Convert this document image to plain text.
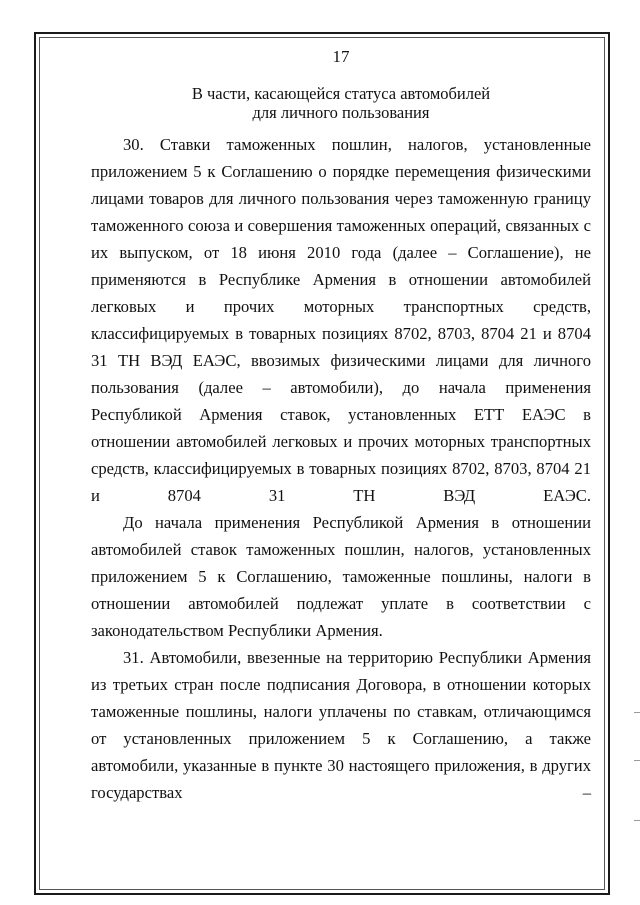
17
В части, касающейся статуса автомобилей
для личного пользования

30. Ставки таможенных пошлин, налогов, установленные приложением 5 к Соглашению о порядке перемещения физическими лицами товаров для личного пользования через таможенную границу таможенного союза и совершения таможенных операций, связанных с их выпуском, от 18 июня 2010 года (далее – Соглашение), не применяются в Республике Армения в отношении автомобилей легковых и прочих моторных транспортных средств, классифицируемых в товарных позициях 8702, 8703, 8704 21 и 8704 31 ТН ВЭД ЕАЭС, ввозимых физическими лицами для личного пользования (далее – автомобили), до начала применения Республикой Армения ставок, установленных ЕТТ ЕАЭС в отношении автомобилей легковых и прочих моторных транспортных средств, классифицируемых в товарных позициях 8702, 8703, 8704 21 и 8704 31 ТН ВЭД ЕАЭС.

До начала применения Республикой Армения в отношении автомобилей ставок таможенных пошлин, налогов, установленных приложением 5 к Соглашению, таможенные пошлины, налоги в отношении автомобилей подлежат уплате в соответствии с законодательством Республики Армения.

31. Автомобили, ввезенные на территорию Республики Армения из третьих стран после подписания Договора, в отношении которых таможенные пошлины, налоги уплачены по ставкам, отличающимся от установленных приложением 5 к Соглашению, а также автомобили, указанные в пункте 30 настоящего приложения, в других государствах –
